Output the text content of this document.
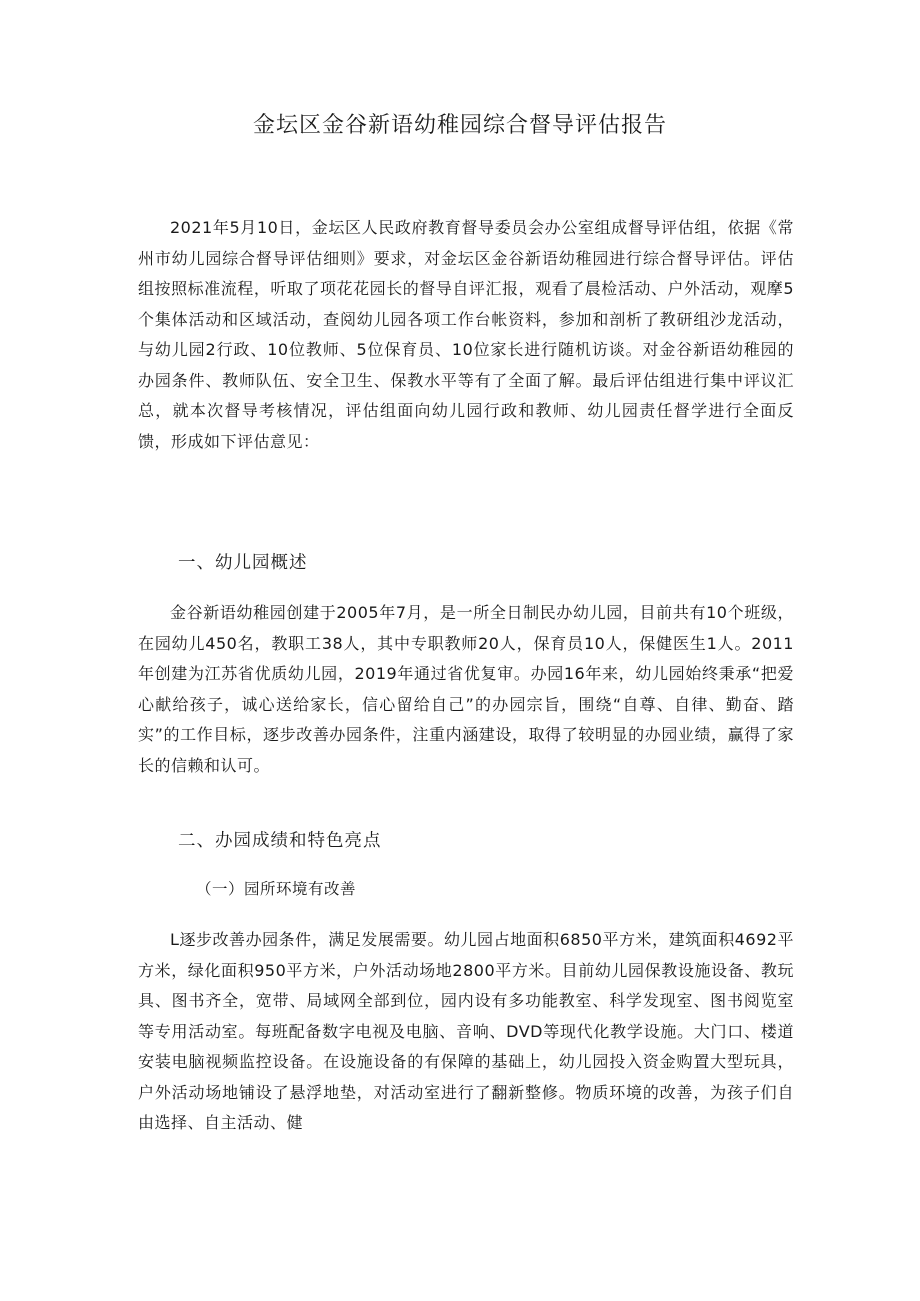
金坛区金谷新语幼稚园综合督导评估报告

2021年5月10日，金坛区人民政府教育督导委员会办公室组成督导评估组，依据《常州市幼儿园综合督导评估细则》要求，对金坛区金谷新语幼稚园进行综合督导评估。评估组按照标准流程，听取了项花花园长的督导自评汇报，观看了晨检活动、户外活动，观摩5个集体活动和区域活动，查阅幼儿园各项工作台帐资料，参加和剖析了教研组沙龙活动，与幼儿园2行政、10位教师、5位保育员、10位家长进行随机访谈。对金谷新语幼稚园的办园条件、教师队伍、安全卫生、保教水平等有了全面了解。最后评估组进行集中评议汇总，就本次督导考核情况，评估组面向幼儿园行政和教师、幼儿园责任督学进行全面反馈，形成如下评估意见：

一、幼儿园概述

金谷新语幼稚园创建于2005年7月，是一所全日制民办幼儿园，目前共有10个班级，在园幼儿450名，教职工38人，其中专职教师20人，保育员10人，保健医生1人。2011年创建为江苏省优质幼儿园，2019年通过省优复审。办园16年来，幼儿园始终秉承“把爱心献给孩子，诚心送给家长，信心留给自己”的办园宗旨，围绕“自尊、自律、勤奋、踏实”的工作目标，逐步改善办园条件，注重内涵建设，取得了较明显的办园业绩，赢得了家长的信赖和认可。

二、办园成绩和特色亮点
（一）园所环境有改善

L逐步改善办园条件，满足发展需要。幼儿园占地面积6850平方米，建筑面积4692平方米，绿化面积950平方米，户外活动场地2800平方米。目前幼儿园保教设施设备、教玩具、图书齐全，宽带、局域网全部到位，园内设有多功能教室、科学发现室、图书阅览室等专用活动室。每班配备数字电视及电脑、音响、DVD等现代化教学设施。大门口、楼道安装电脑视频监控设备。在设施设备的有保障的基础上，幼儿园投入资金购置大型玩具，户外活动场地铺设了悬浮地垫，对活动室进行了翻新整修。物质环境的改善，为孩子们自由选择、自主活动、健
